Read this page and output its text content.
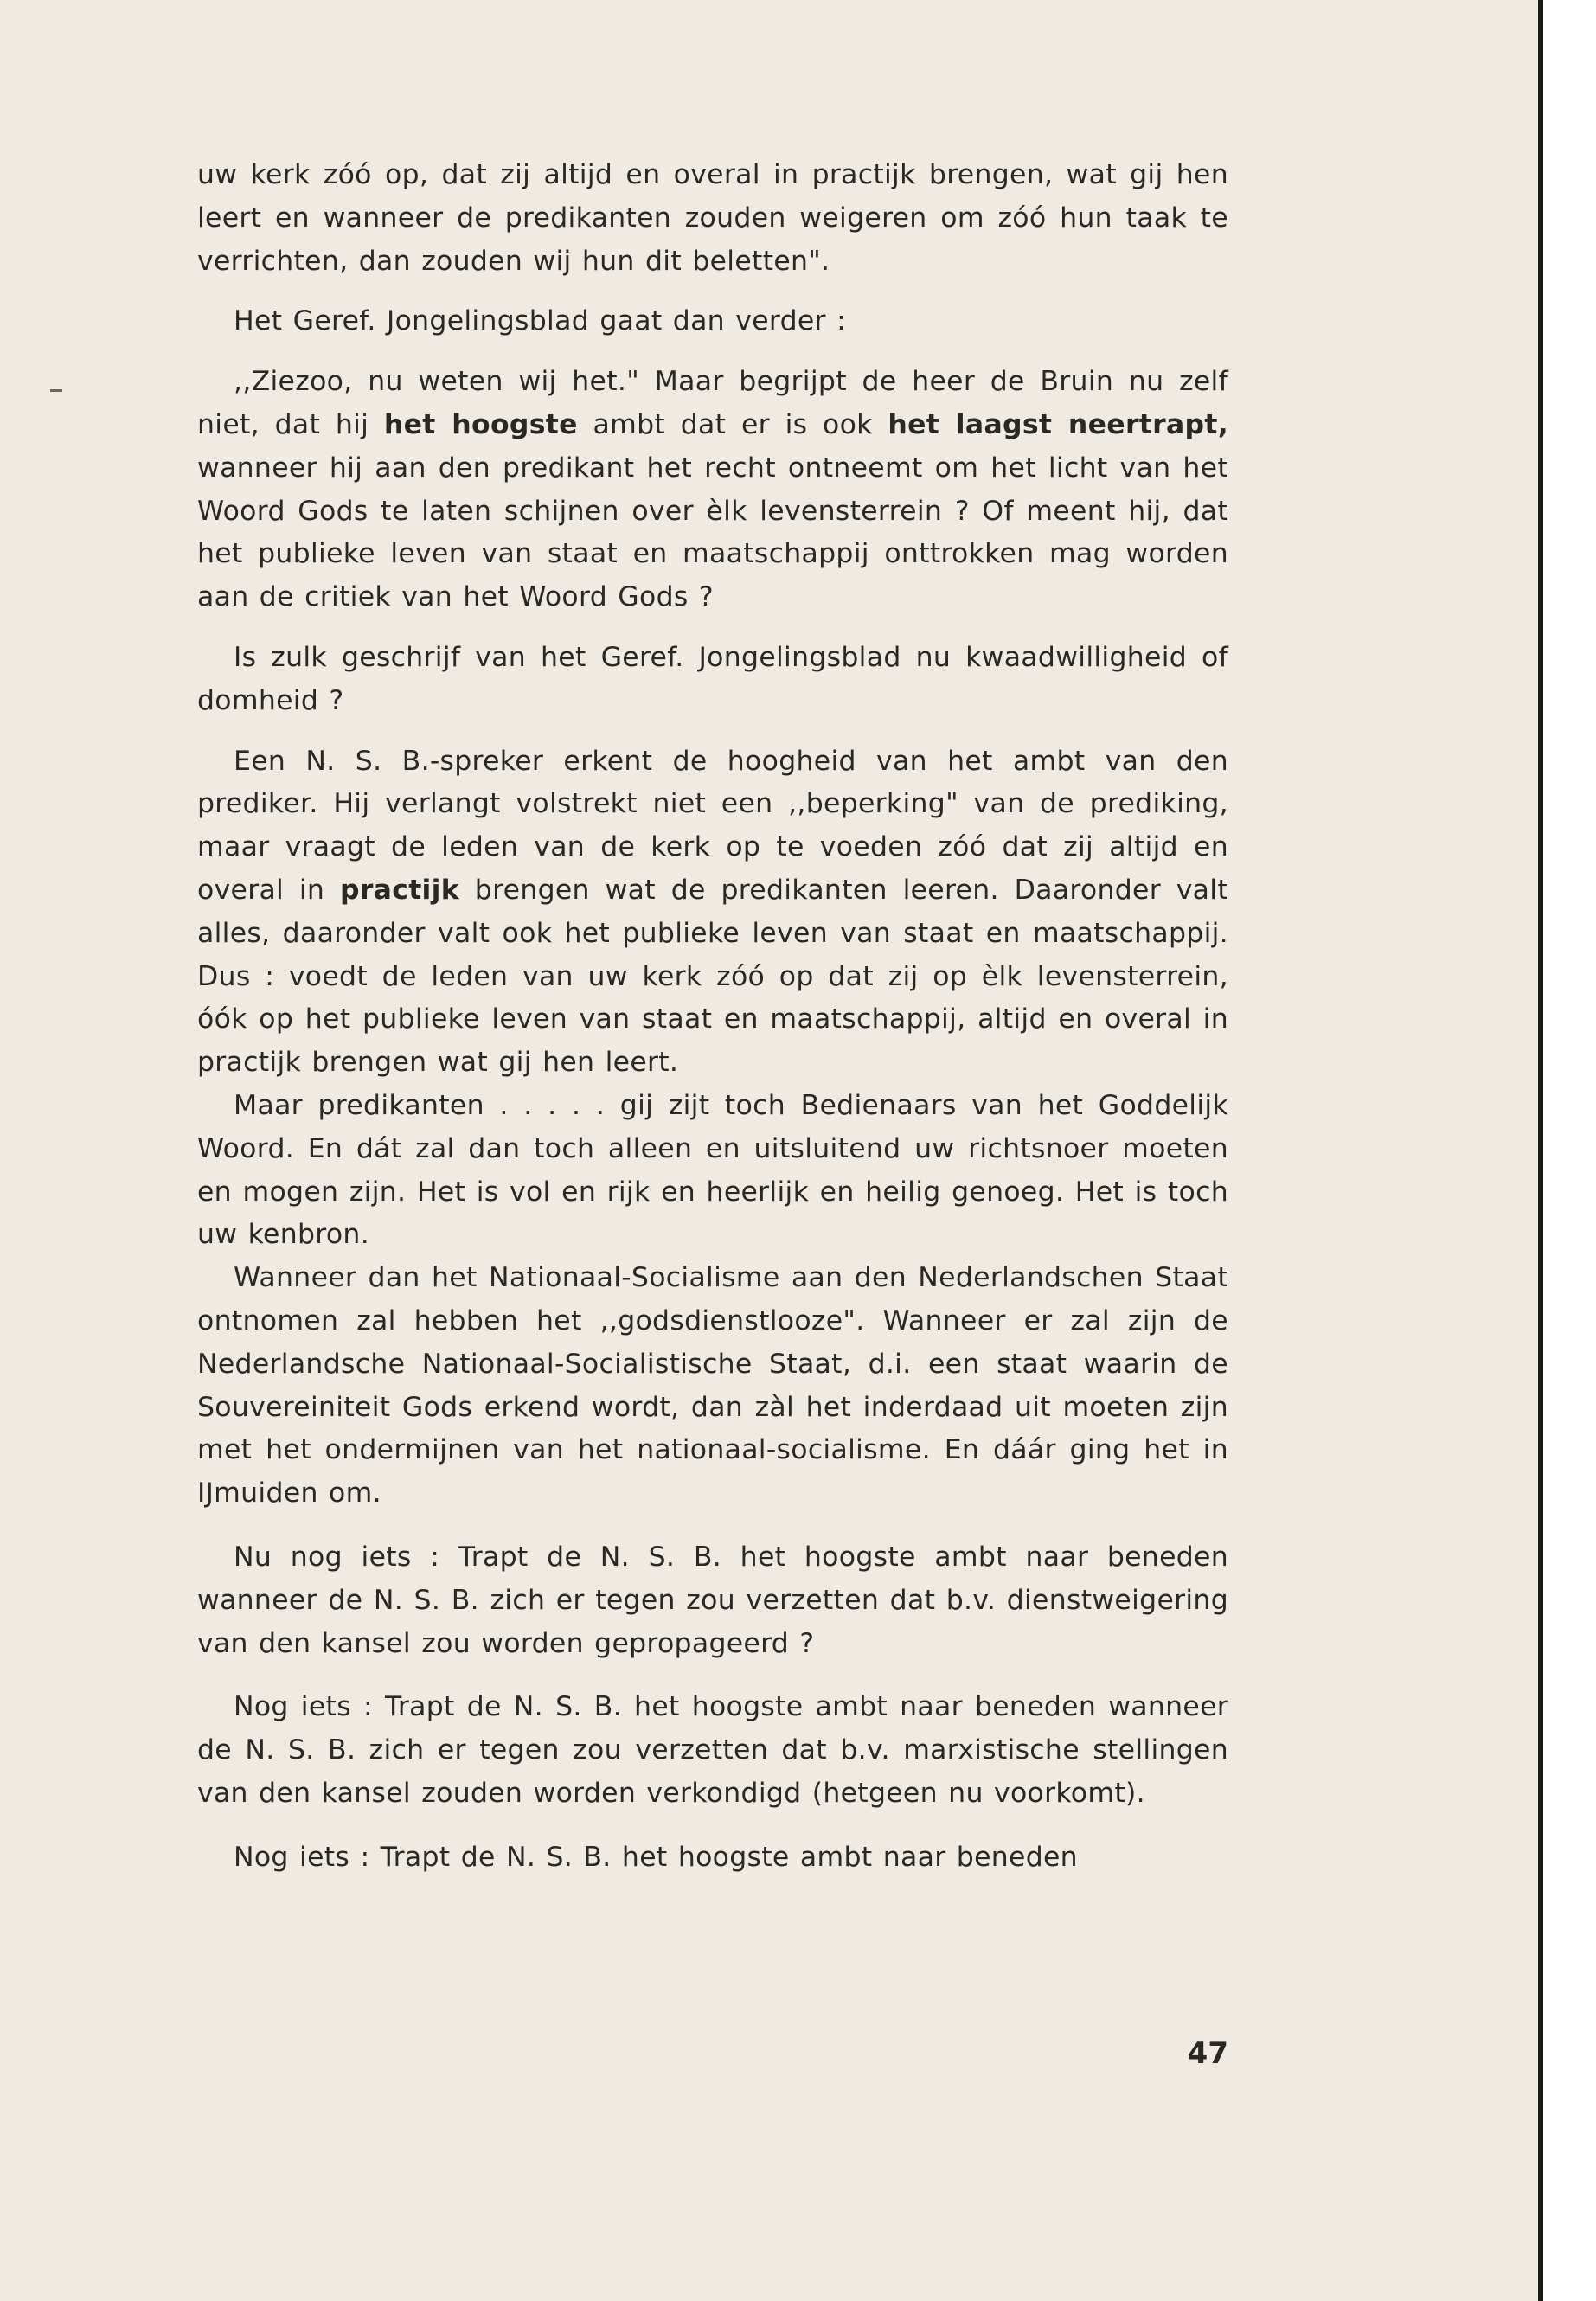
uw kerk zóó op, dat zij altijd en overal in practijk brengen, wat gij hen leert en wanneer de predikanten zouden weigeren om zóó hun taak te verrichten, dan zouden wij hun dit beletten".

Het Geref. Jongelingsblad gaat dan verder :

,,Ziezoo, nu weten wij het." Maar begrijpt de heer de Bruin nu zelf niet, dat hij het hoogste ambt dat er is ook het laagst neertrapt, wanneer hij aan den predikant het recht ontneemt om het licht van het Woord Gods te laten schijnen over èlk levensterrein ? Of meent hij, dat het publieke leven van staat en maatschappij onttrokken mag worden aan de critiek van het Woord Gods ?

Is zulk geschrijf van het Geref. Jongelingsblad nu kwaadwilligheid of domheid ?

Een N. S. B.-spreker erkent de hoogheid van het ambt van den prediker. Hij verlangt volstrekt niet een ,,beperking" van de prediking, maar vraagt de leden van de kerk op te voeden zóó dat zij altijd en overal in practijk brengen wat de predikanten leeren. Daaronder valt alles, daaronder valt ook het publieke leven van staat en maatschappij. Dus : voedt de leden van uw kerk zóó op dat zij op èlk levensterrein, óók op het publieke leven van staat en maatschappij, altijd en overal in practijk brengen wat gij hen leert.

Maar predikanten . . . . . gij zijt toch Bedienaars van het Goddelijk Woord. En dát zal dan toch alleen en uitsluitend uw richtsnoer moeten en mogen zijn. Het is vol en rijk en heerlijk en heilig genoeg. Het is toch uw kenbron.

Wanneer dan het Nationaal-Socialisme aan den Nederlandschen Staat ontnomen zal hebben het ,,godsdienstlooze". Wanneer er zal zijn de Nederlandsche Nationaal-Socialistische Staat, d.i. een staat waarin de Souvereiniteit Gods erkend wordt, dan zàl het inderdaad uit moeten zijn met het ondermijnen van het nationaal-socialisme. En dáár ging het in IJmuiden om.

Nu nog iets : Trapt de N. S. B. het hoogste ambt naar beneden wanneer de N. S. B. zich er tegen zou verzetten dat b.v. dienstweigering van den kansel zou worden gepropageerd ?

Nog iets : Trapt de N. S. B. het hoogste ambt naar beneden wanneer de N. S. B. zich er tegen zou verzetten dat b.v. marxistische stellingen van den kansel zouden worden verkondigd (hetgeen nu voorkomt).

Nog iets : Trapt de N. S. B. het hoogste ambt naar beneden

47
